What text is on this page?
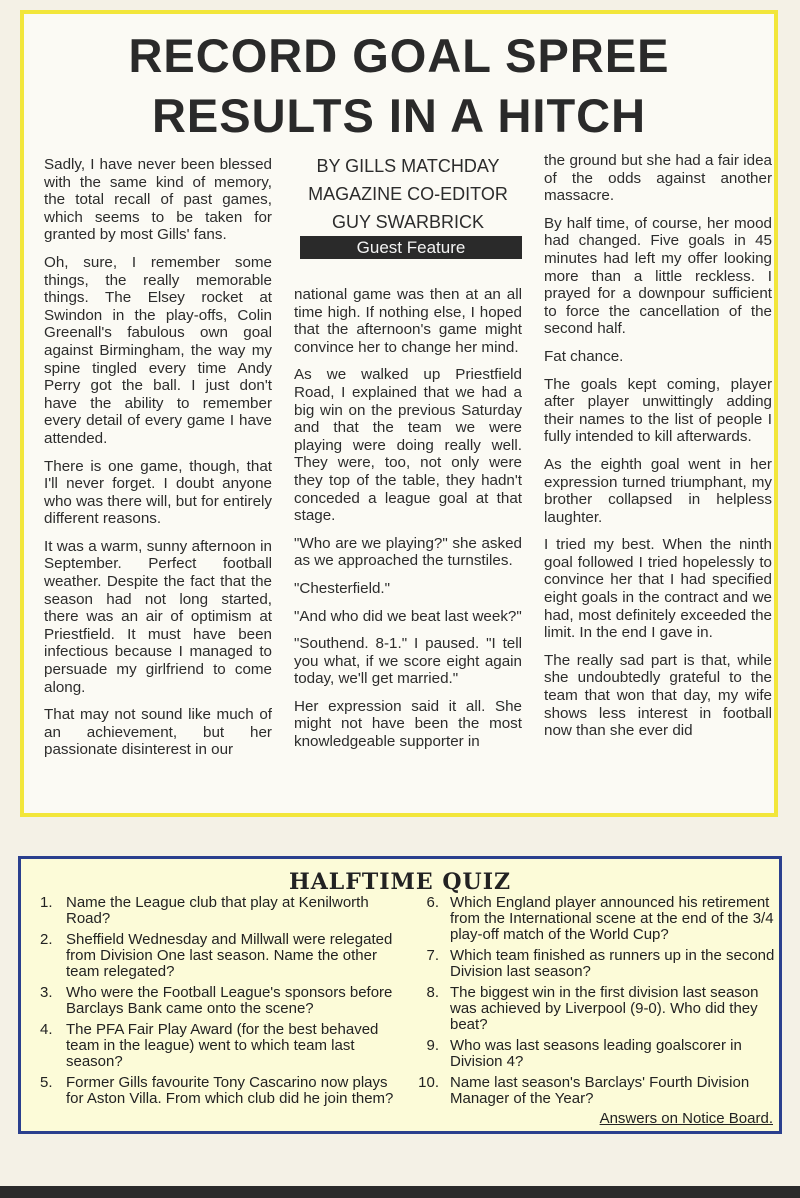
RECORD GOAL SPREE
RESULTS IN A HITCH

Sadly, I have never been blessed with the same kind of memory, the total recall of past games, which seems to be taken for granted by most Gills' fans.

Oh, sure, I remember some things, the really memorable things. The Elsey rocket at Swindon in the play-offs, Colin Greenall's fabulous own goal against Birmingham, the way my spine tingled every time Andy Perry got the ball. I just don't have the ability to remember every detail of every game I have attended.

There is one game, though, that I'll never forget. I doubt anyone who was there will, but for entirely different reasons.

It was a warm, sunny afternoon in September. Perfect football weather. Despite the fact that the season had not long started, there was an air of optimism at Priestfield. It must have been infectious because I managed to persuade my girlfriend to come along.

That may not sound like much of an achievement, but her passionate disinterest in our

BY GILLS MATCHDAY
MAGAZINE CO-EDITOR
GUY SWARBRICK
Guest Feature

national game was then at an all time high. If nothing else, I hoped that the afternoon's game might convince her to change her mind.

As we walked up Priestfield Road, I explained that we had a big win on the previous Saturday and that the team we were playing were doing really well. They were, too, not only were they top of the table, they hadn't conceded a league goal at that stage.

"Who are we playing?" she asked as we approached the turnstiles.

"Chesterfield."

"And who did we beat last week?"

"Southend. 8-1." I paused. "I tell you what, if we score eight again today, we'll get married."

Her expression said it all. She might not have been the most knowledgeable supporter in

the ground but she had a fair idea of the odds against another massacre.

By half time, of course, her mood had changed. Five goals in 45 minutes had left my offer looking more than a little reckless. I prayed for a downpour sufficient to force the cancellation of the second half.

Fat chance.

The goals kept coming, player after player unwittingly adding their names to the list of people I fully intended to kill afterwards.

As the eighth goal went in her expression turned triumphant, my brother collapsed in helpless laughter.

I tried my best. When the ninth goal followed I tried hopelessly to convince her that I had specified eight goals in the contract and we had, most definitely exceeded the limit. In the end I gave in.

The really sad part is that, while she undoubtedly grateful to the team that won that day, my wife shows less interest in football now than she ever did

HALFTIME QUIZ
1. Name the League club that play at Kenilworth Road?
2. Sheffield Wednesday and Millwall were relegated from Division One last season. Name the other team relegated?
3. Who were the Football League's sponsors before Barclays Bank came onto the scene?
4. The PFA Fair Play Award (for the best behaved team in the league) went to which team last season?
5. Former Gills favourite Tony Cascarino now plays for Aston Villa. From which club did he join them?
6. Which England player announced his retirement from the International scene at the end of the 3/4 play-off match of the World Cup?
7. Which team finished as runners up in the second Division last season?
8. The biggest win in the first division last season was achieved by Liverpool (9-0). Who did they beat?
9. Who was last seasons leading goalscorer in Division 4?
10. Name last season's Barclays' Fourth Division Manager of the Year?
Answers on Notice Board.
